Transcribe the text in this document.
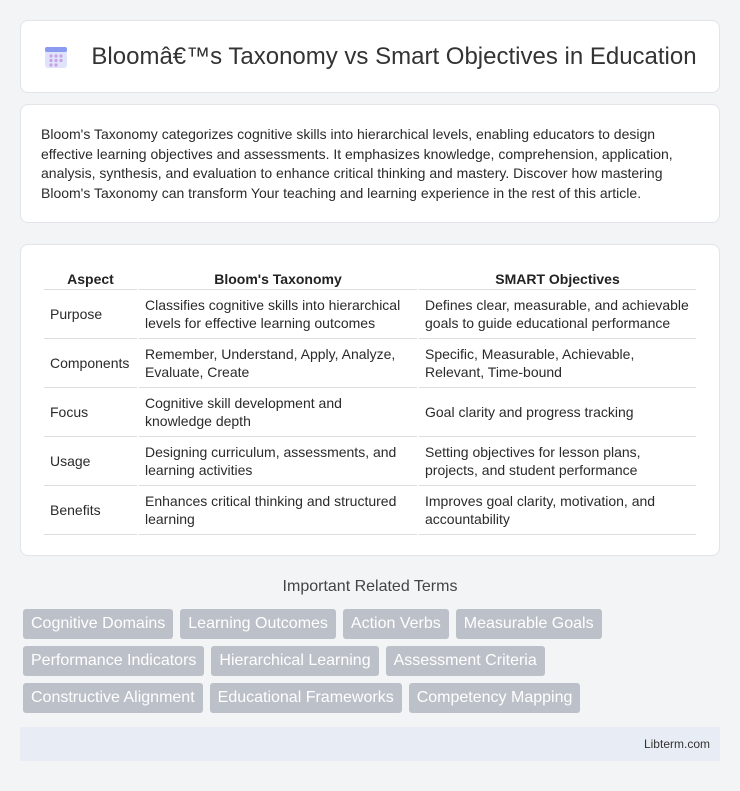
Bloomâ€™s Taxonomy vs Smart Objectives in Education

Bloom's Taxonomy categorizes cognitive skills into hierarchical levels, enabling educators to design effective learning objectives and assessments. It emphasizes knowledge, comprehension, application, analysis, synthesis, and evaluation to enhance critical thinking and mastery. Discover how mastering Bloom's Taxonomy can transform Your teaching and learning experience in the rest of this article.

Aspect	Bloom's Taxonomy	SMART Objectives
Purpose	Classifies cognitive skills into hierarchical levels for effective learning outcomes	Defines clear, measurable, and achievable goals to guide educational performance
Components	Remember, Understand, Apply, Analyze, Evaluate, Create	Specific, Measurable, Achievable, Relevant, Time-bound
Focus	Cognitive skill development and knowledge depth	Goal clarity and progress tracking
Usage	Designing curriculum, assessments, and learning activities	Setting objectives for lesson plans, projects, and student performance
Benefits	Enhances critical thinking and structured learning	Improves goal clarity, motivation, and accountability
Important Related Terms
Cognitive Domains	Learning Outcomes	Action Verbs	Measurable Goals
Performance Indicators	Hierarchical Learning	Assessment Criteria
Constructive Alignment	Educational Frameworks	Competency Mapping
Libterm.com
